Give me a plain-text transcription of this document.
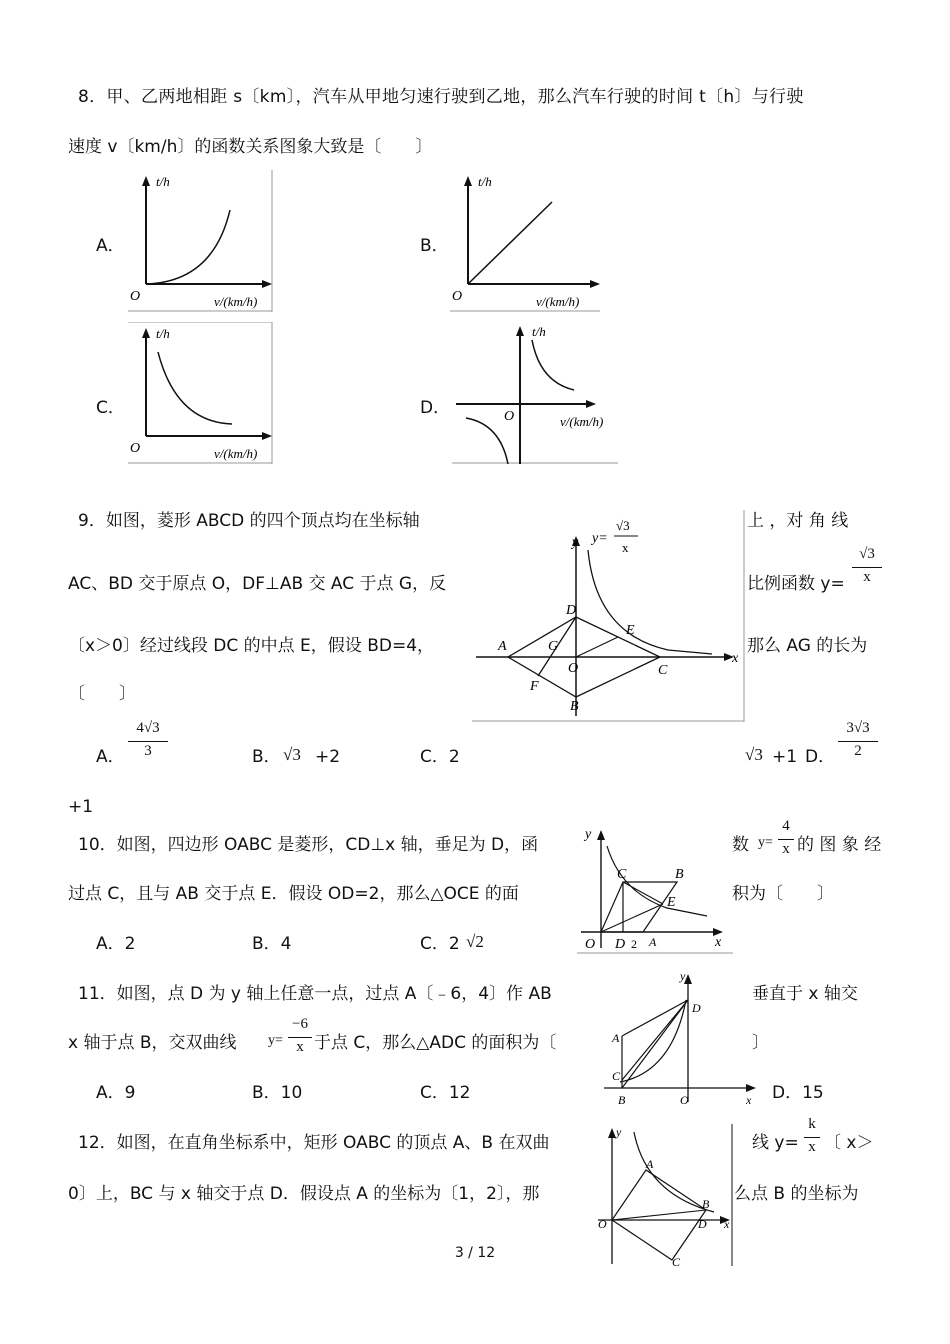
8．甲、乙两地相距 s〔km〕，汽车从甲地匀速行驶到乙地，那么汽车行驶的时间 t〔h〕与行驶
速度 v〔km/h〕的函数关系图象大致是〔　　〕
A．	B．
C．	D．
t/h
O	v/(km/h)
t/h
O	v/(km/h)
t/h
O	v/(km/h)
t/h
O	v/(km/h)
9．如图，菱形 ABCD 的四个顶点均在坐标轴	上 ，对 角 线
AC、BD 交于原点 O，DF⊥AB 交 AC 于点 G，反	比例函数 y=
√3
x
〔x＞0〕经过线段 DC 的中点 E，假设 BD=4，	那么 AG 的长为
〔　　〕
y y=
√3
x
x
A
B
C
D
E
F
G
O
A．
4√3
3	B． √3 +2	C．2	√3 +1 D．
3√3
2
+1
10．如图，四边形 OABC 是菱形，CD⊥x 轴，垂足为 D，函	数 y=
4
x 的 图 象 经
过点 C，且与 AB 交于点 E．假设 OD=2，那么△OCE 的面	积为〔　　〕
A．2	B．4	C．2 √2
y
x
O D 2 A
B
C
E
11．如图，点 D 为 y 轴上任意一点，过点 A〔﹣6，4〕作 AB	垂直于 x 轴交
x 轴于点 B，交双曲线 y=
−6
x 于点 C，那么△ADC 的面积为〔	〕
A．9	B．10	C．12	D．15
y
x
O
A
B
C
D
12．如图，在直角坐标系中，矩形 OABC 的顶点 A、B 在双曲	线 y=
k
x 〔 x＞
0〕上，BC 与 x 轴交于点 D．假设点 A 的坐标为〔1，2〕，那	么点 B 的坐标为
y
x
O
A
B
C
D
3 / 12
